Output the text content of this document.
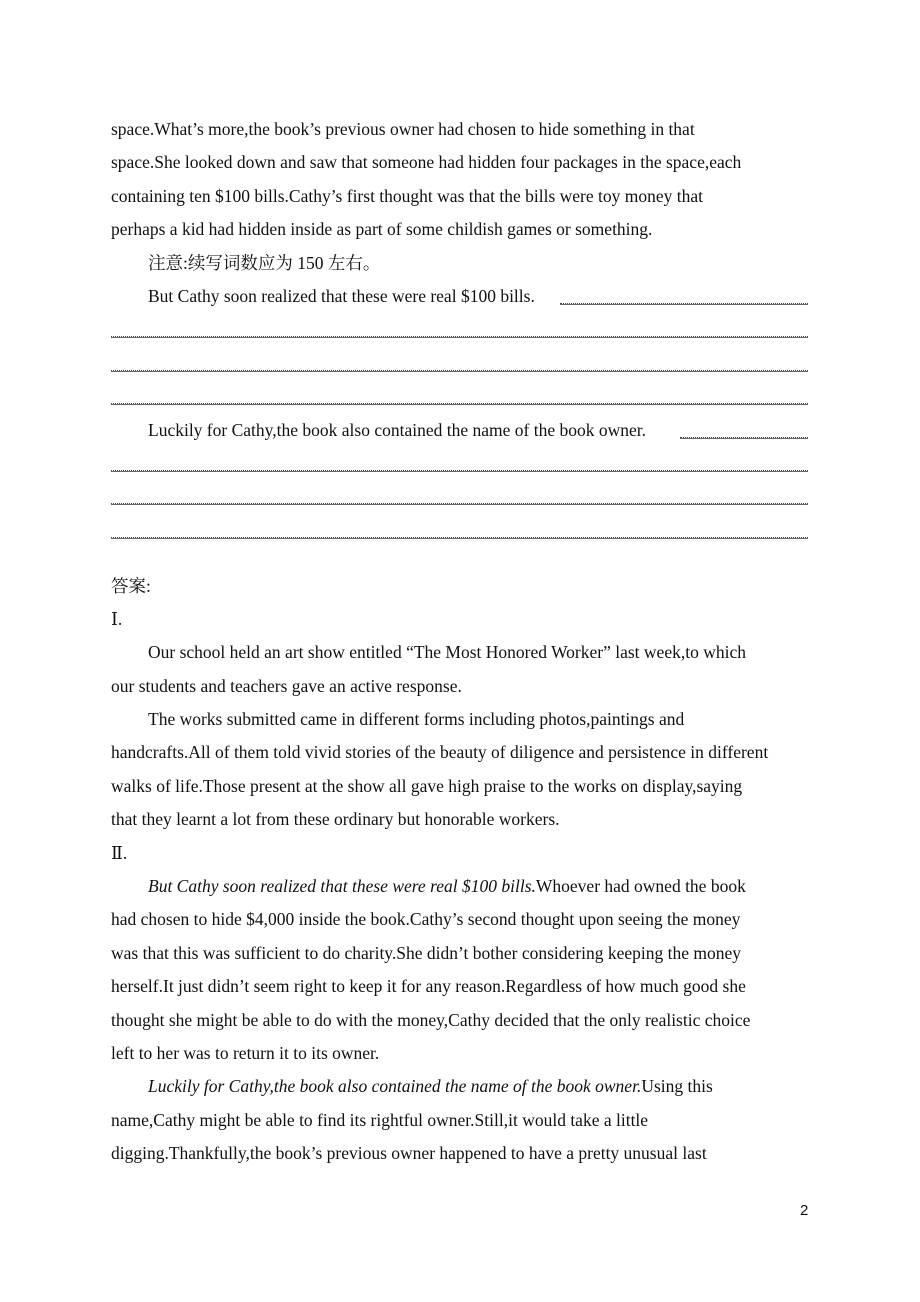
space.What’s more,the book’s previous owner had chosen to hide something in that
space.She looked down and saw that someone had hidden four packages in the space,each
containing ten $100 bills.Cathy’s first thought was that the bills were toy money that
perhaps a kid had hidden inside as part of some childish games or something.
注意:续写词数应为 150 左右。
But Cathy soon realized that these were real $100 bills.
Luckily for Cathy,the book also contained the name of the book owner.
答案:
Ⅰ.
Our school held an art show entitled “The Most Honored Worker” last week,to which
our students and teachers gave an active response.
The works submitted came in different forms including photos,paintings and
handcrafts.All of them told vivid stories of the beauty of diligence and persistence in different
walks of life.Those present at the show all gave high praise to the works on display,saying
that they learnt a lot from these ordinary but honorable workers.
Ⅱ.
But Cathy soon realized that these were real $100 bills.Whoever had owned the book
had chosen to hide $4,000 inside the book.Cathy’s second thought upon seeing the money
was that this was sufficient to do charity.She didn’t bother considering keeping the money
herself.It just didn’t seem right to keep it for any reason.Regardless of how much good she
thought she might be able to do with the money,Cathy decided that the only realistic choice
left to her was to return it to its owner.
Luckily for Cathy,the book also contained the name of the book owner.Using this
name,Cathy might be able to find its rightful owner.Still,it would take a little
digging.Thankfully,the book’s previous owner happened to have a pretty unusual last
2
